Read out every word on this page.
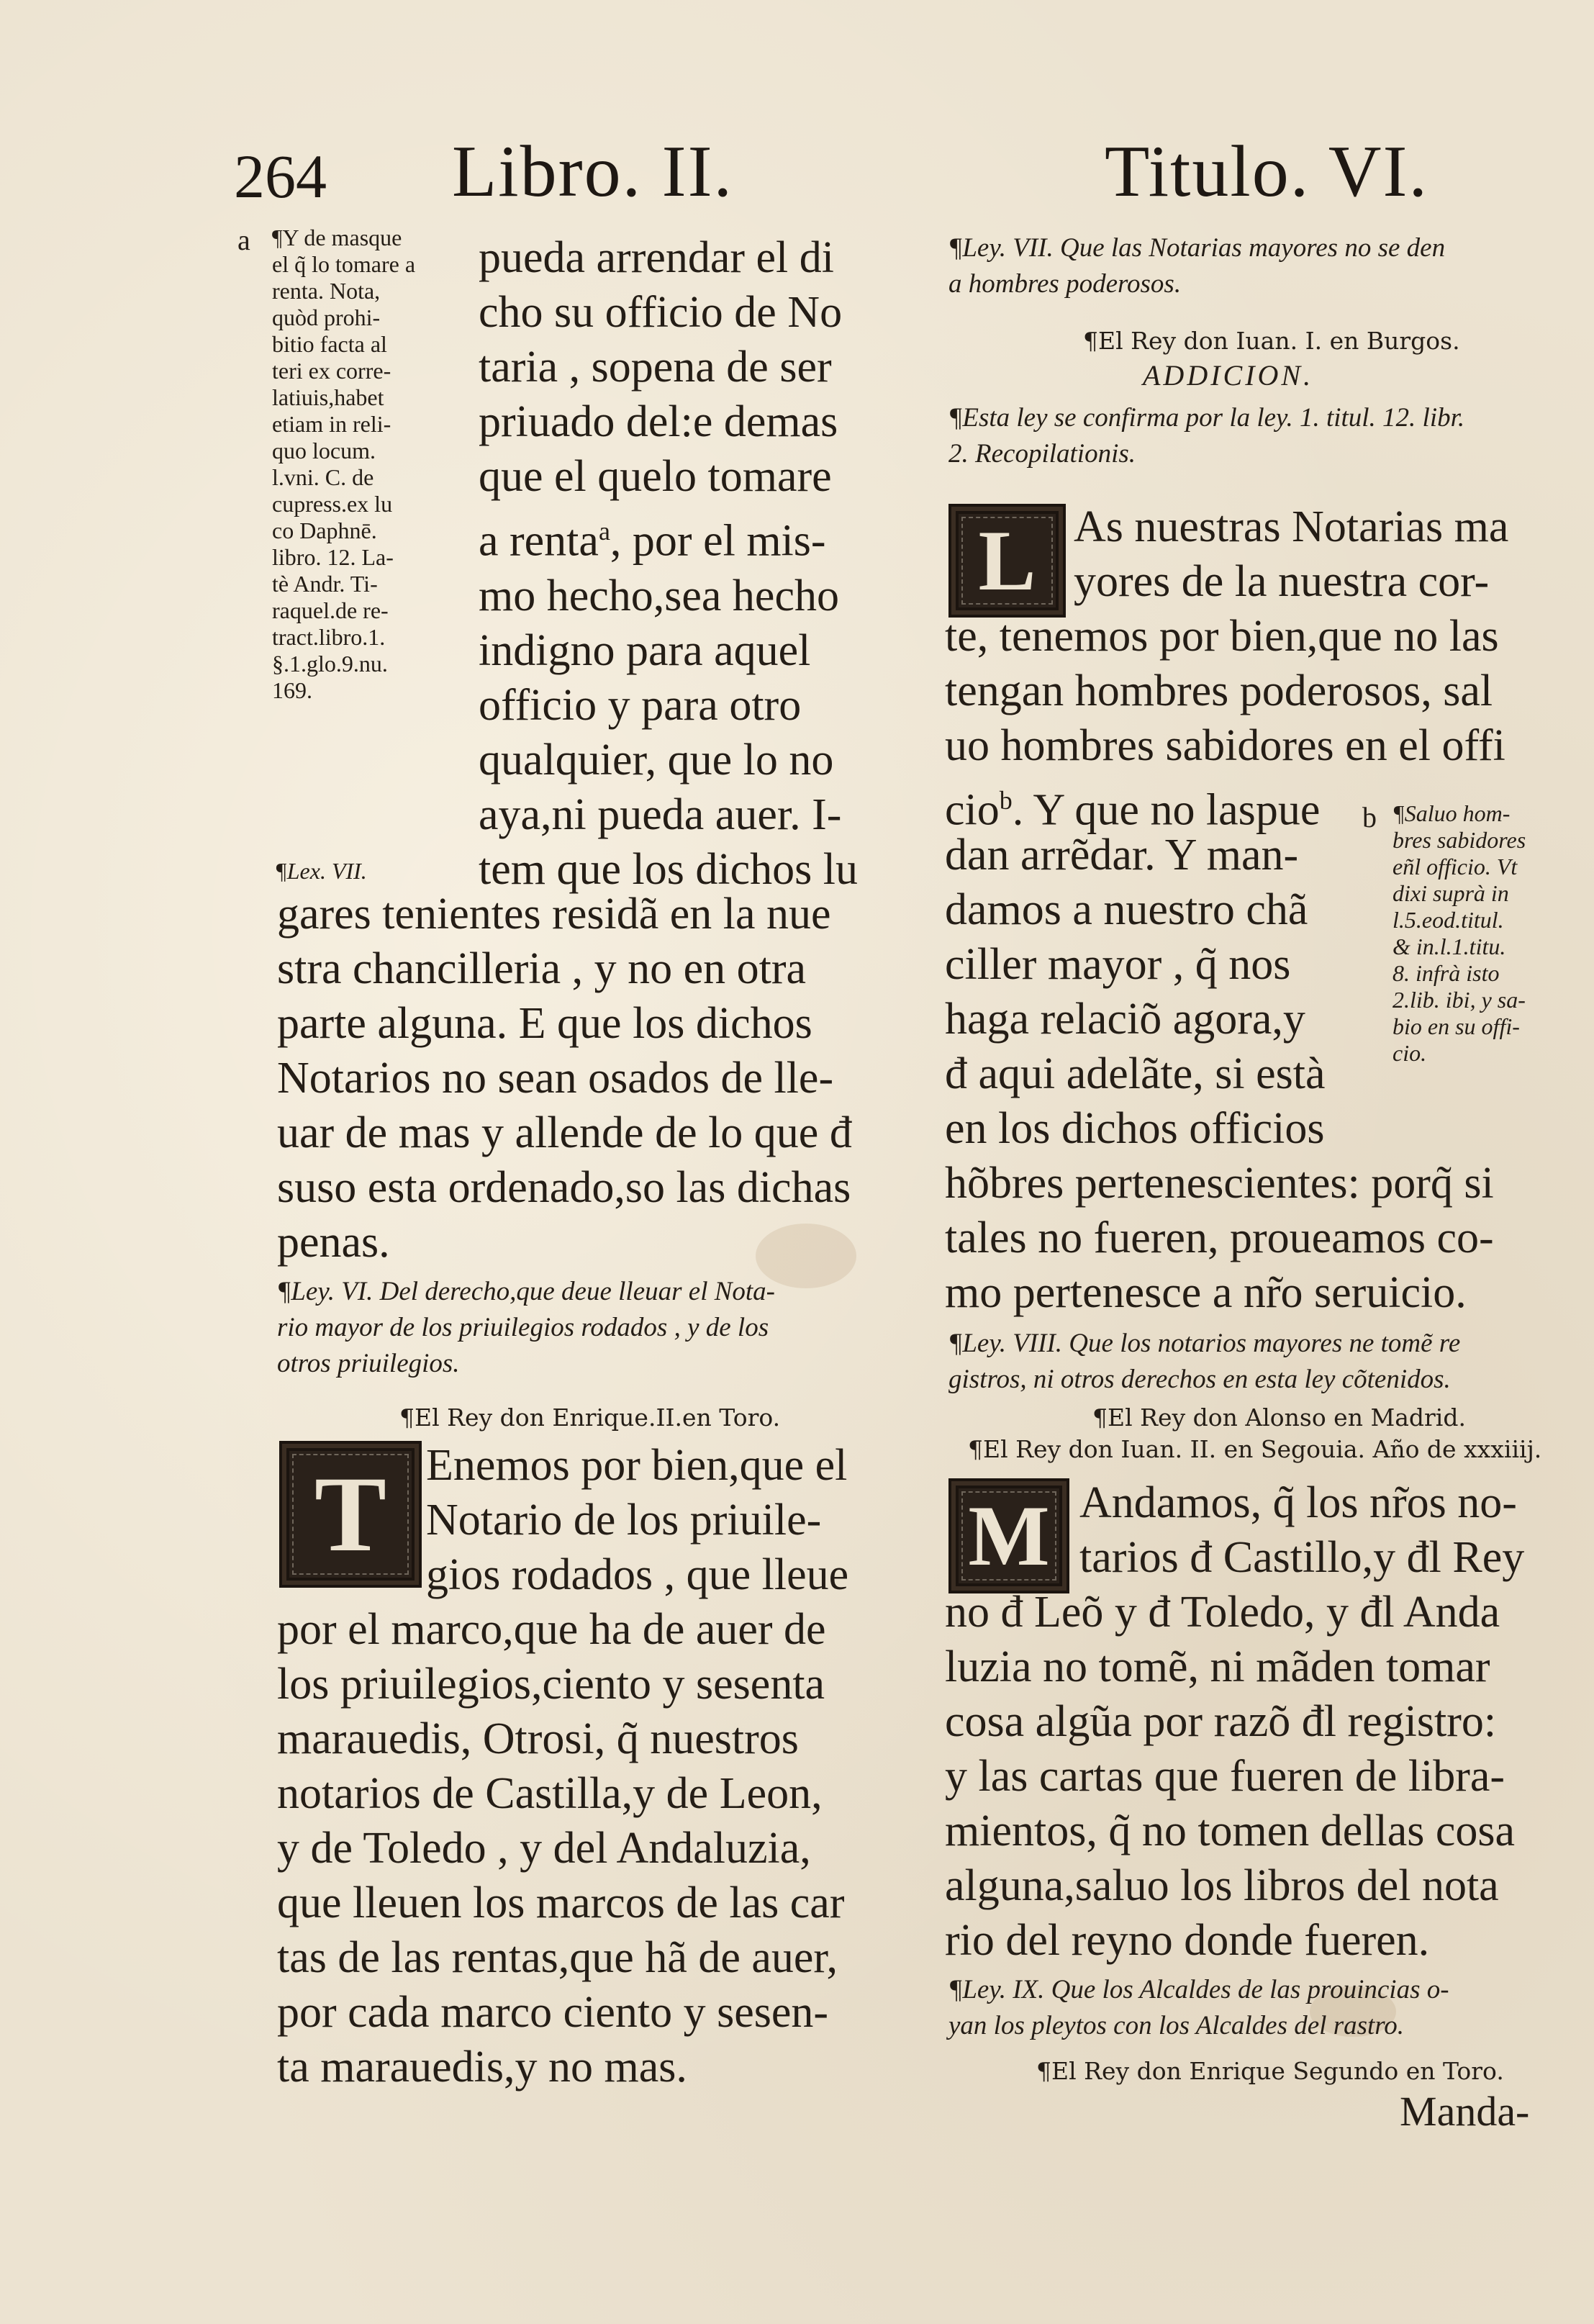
264 Libro. II.	Titulo. VI.
a ¶Y de masque
el q̃ lo tomare a
renta. Nota,
quòd prohi-
bitio facta al
teri ex corre-
latiuis,habet
etiam in reli-
quo locum.
l.vni. C. de
cupress.ex lu
co Daphnē.
libro. 12. La-
tè Andr. Ti-
raquel.de re-
tract.libro.1.
§.1.glo.9.nu.
169.
¶Lex. VII.
pueda arrendar el di
cho su officio de No
taria , sopena de ser
priuado del:e demas
que el quelo tomare
a renta$^a$, por el mis-
mo hecho,sea hecho
indigno para aquel
officio y para otro
qualquier, que lo no
aya,ni pueda auer. I-
tem que los dichos lu
gares tenientes residã en la nue
stra chancilleria , y no en otra
parte alguna. E que los dichos
Notarios no sean osados de lle-
uar de mas y allende de lo que đ
suso esta ordenado,so las dichas
penas.
¶Ley. VI. Del derecho,que deue lleuar el Nota-
rio mayor de los priuilegios rodados , y de los
otros priuilegios.
¶El Rey don Enrique.II.en Toro.
T Enemos por bien,que el
Notario de los priuile-
gios rodados , que lleue
por el marco,que ha de auer de
los priuilegios,ciento y sesenta
marauedis, Otrosi, q̃ nuestros
notarios de Castilla,y de Leon,
y de Toledo , y del Andaluzia,
que lleuen los marcos de las car
tas de las rentas,que hã de auer,
por cada marco ciento y sesen-
ta marauedis,y no mas.
¶Ley. VII. Que las Notarias mayores no se den
a hombres poderosos.
¶El Rey don Iuan. I. en Burgos.
ADDICION.
¶Esta ley se confirma por la ley. 1. titul. 12. libr.
2. Recopilationis.
L As nuestras Notarias ma
yores de la nuestra cor-
te, tenemos por bien,que no las
tengan hombres poderosos, sal
uo hombres sabidores en el offi
cio$^b$. Y que no laspue
dan arrẽdar. Y man-
damos a nuestro chã
ciller mayor , q̃ nos
haga relaciõ agora,y
đ aqui adelãte, si està
en los dichos officios
hõbres pertenescientes: porq̃ si
tales no fueren, proueamos co-
mo pertenesce a nr̃o seruicio.
b ¶Saluo hom-
bres sabidores
eñl officio. Vt
dixi suprà in
l.5.eod.titul.
& in.l.1.titu.
8. infrà isto
2.lib. ibi, y sa-
bio en su offi-
cio.
¶Ley. VIII. Que los notarios mayores ne tomẽ re
gistros, ni otros derechos en esta ley cõtenidos.
¶El Rey don Alonso en Madrid.
¶El Rey don Iuan. II. en Segouia. Año de xxxiiij.
M Andamos, q̃ los nr̃os no-
tarios đ Castillo,y đl Rey
no đ Leõ y đ Toledo, y đl Anda
luzia no tomẽ, ni mãden tomar
cosa algũa por razõ đl registro:
y las cartas que fueren de libra-
mientos, q̃ no tomen dellas cosa
alguna,saluo los libros del nota
rio del reyno donde fueren.
¶Ley. IX. Que los Alcaldes de las prouincias o-
yan los pleytos con los Alcaldes del rastro.
¶El Rey don Enrique Segundo en Toro.
Manda-
